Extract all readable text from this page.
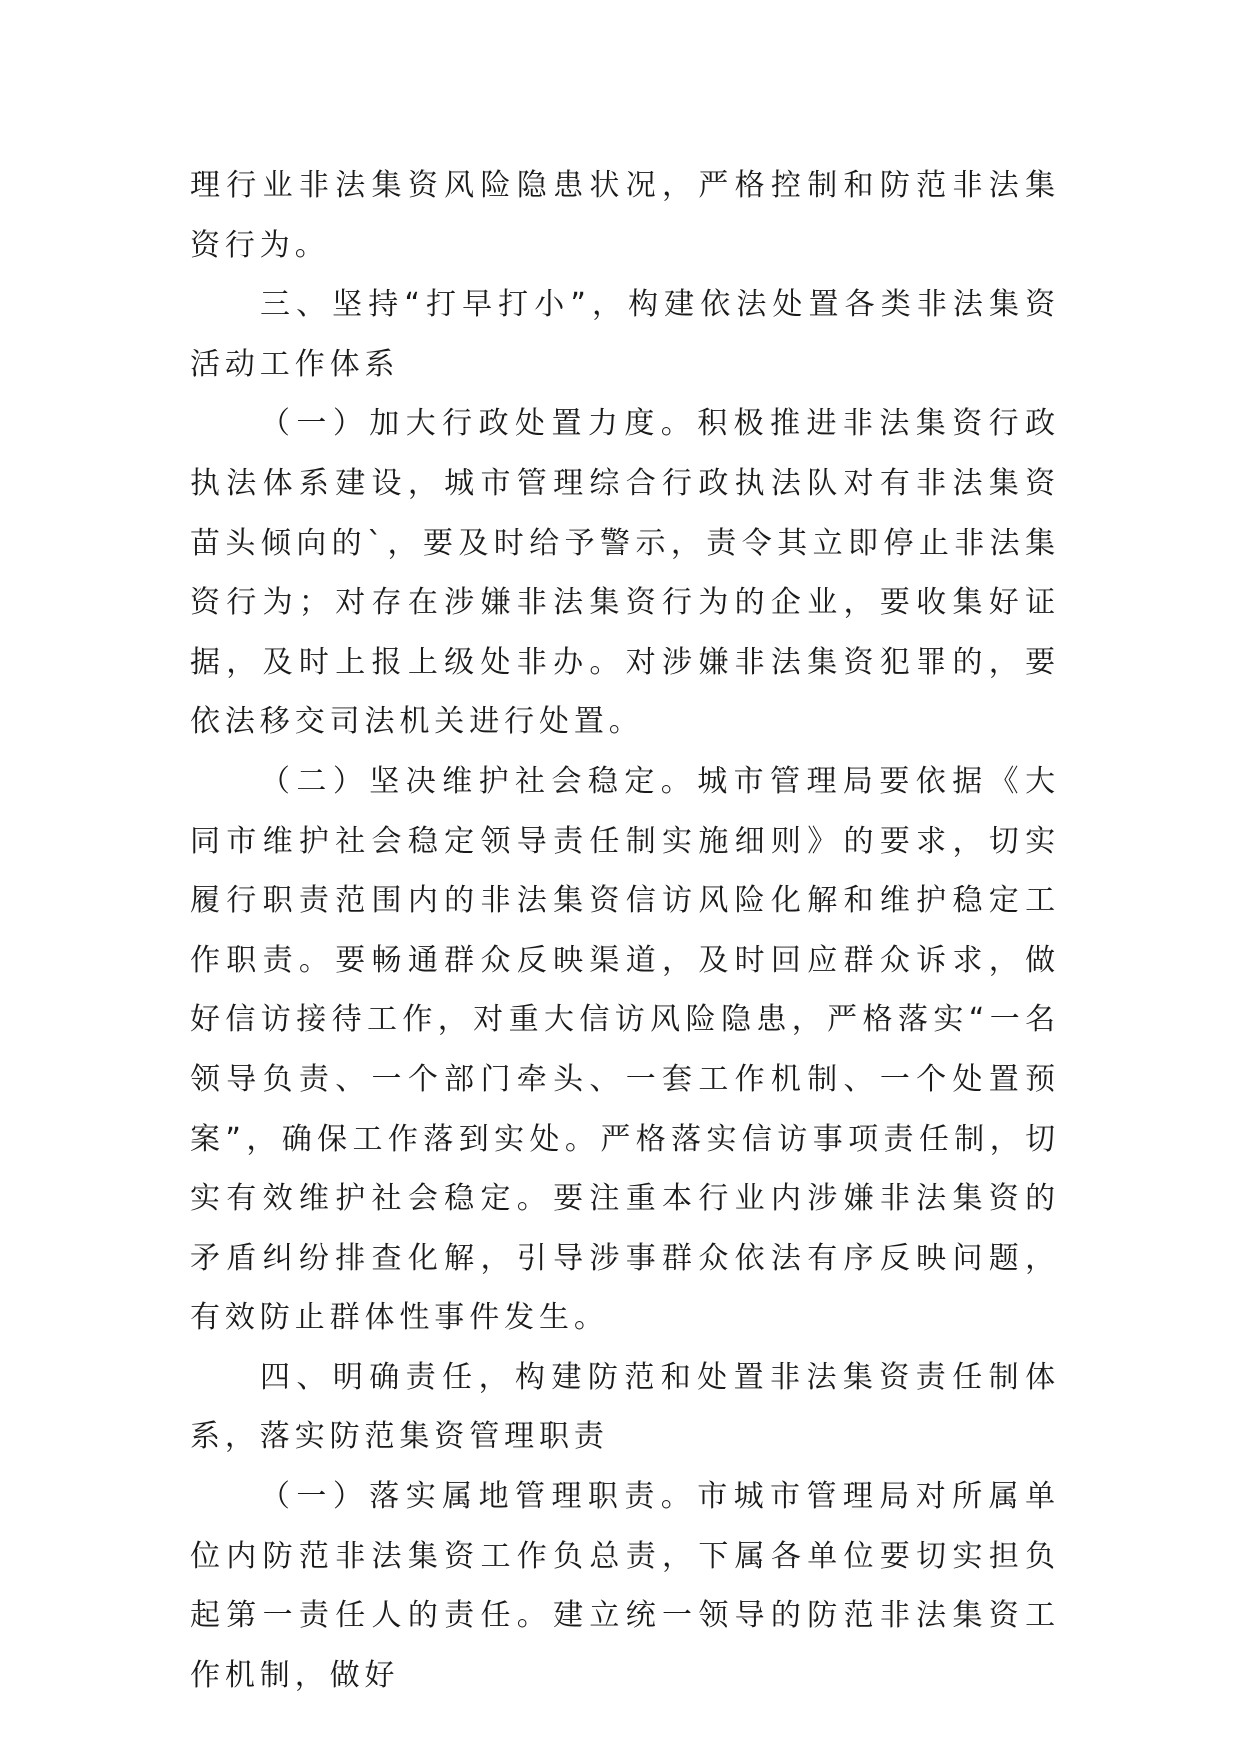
理行业非法集资风险隐患状况，严格控制和防范非法集资行为。

三、坚持“打早打小”，构建依法处置各类非法集资活动工作体系

（一）加大行政处置力度。积极推进非法集资行政执法体系建设，城市管理综合行政执法队对有非法集资苗头倾向的`，要及时给予警示，责令其立即停止非法集资行为；对存在涉嫌非法集资行为的企业，要收集好证据，及时上报上级处非办。对涉嫌非法集资犯罪的，要依法移交司法机关进行处置。

（二）坚决维护社会稳定。城市管理局要依据《大同市维护社会稳定领导责任制实施细则》的要求，切实履行职责范围内的非法集资信访风险化解和维护稳定工作职责。要畅通群众反映渠道，及时回应群众诉求，做好信访接待工作，对重大信访风险隐患，严格落实“一名领导负责、一个部门牵头、一套工作机制、一个处置预案”，确保工作落到实处。严格落实信访事项责任制，切实有效维护社会稳定。要注重本行业内涉嫌非法集资的矛盾纠纷排查化解，引导涉事群众依法有序反映问题，有效防止群体性事件发生。

四、明确责任，构建防范和处置非法集资责任制体系，落实防范集资管理职责

（一）落实属地管理职责。市城市管理局对所属单位内防范非法集资工作负总责，下属各单位要切实担负起第一责任人的责任。建立统一领导的防范非法集资工作机制，做好
